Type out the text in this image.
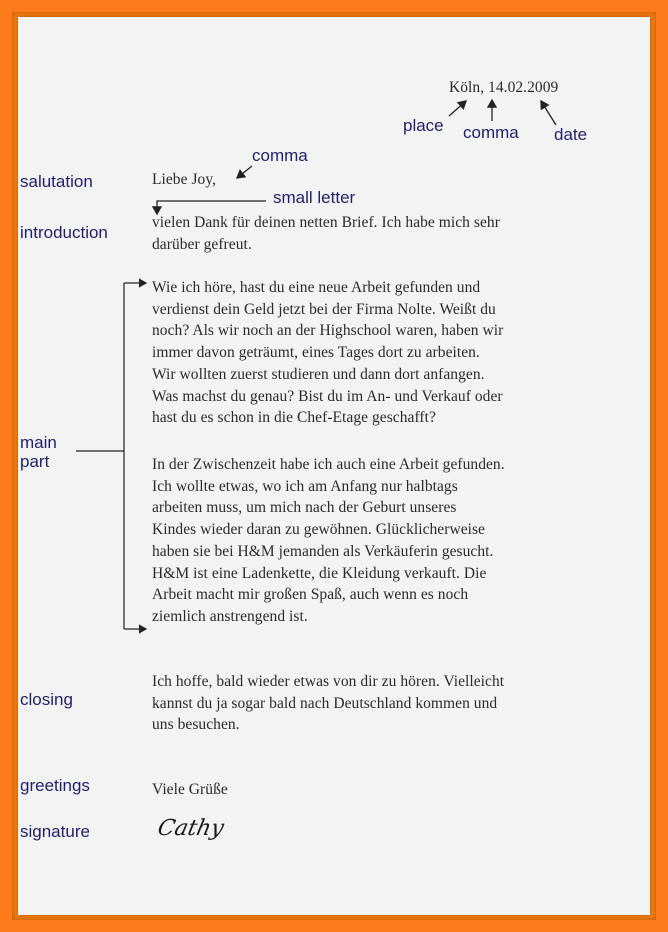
Köln, 14.02.2009
place comma date
comma
small letter
salutation
introduction
main
part
closing
greetings
signature
Liebe Joy,
vielen Dank für deinen netten Brief. Ich habe mich sehr
darüber gefreut.
Wie ich höre, hast du eine neue Arbeit gefunden und
verdienst dein Geld jetzt bei der Firma Nolte. Weißt du
noch? Als wir noch an der Highschool waren, haben wir
immer davon geträumt, eines Tages dort zu arbeiten.
Wir wollten zuerst studieren und dann dort anfangen.
Was machst du genau? Bist du im An- und Verkauf oder
hast du es schon in die Chef-Etage geschafft?
In der Zwischenzeit habe ich auch eine Arbeit gefunden.
Ich wollte etwas, wo ich am Anfang nur halbtags
arbeiten muss, um mich nach der Geburt unseres
Kindes wieder daran zu gewöhnen. Glücklicherweise
haben sie bei H&M jemanden als Verkäuferin gesucht.
H&M ist eine Ladenkette, die Kleidung verkauft. Die
Arbeit macht mir großen Spaß, auch wenn es noch
ziemlich anstrengend ist.
Ich hoffe, bald wieder etwas von dir zu hören. Vielleicht
kannst du ja sogar bald nach Deutschland kommen und
uns besuchen.
Viele Grüße
Cathy
